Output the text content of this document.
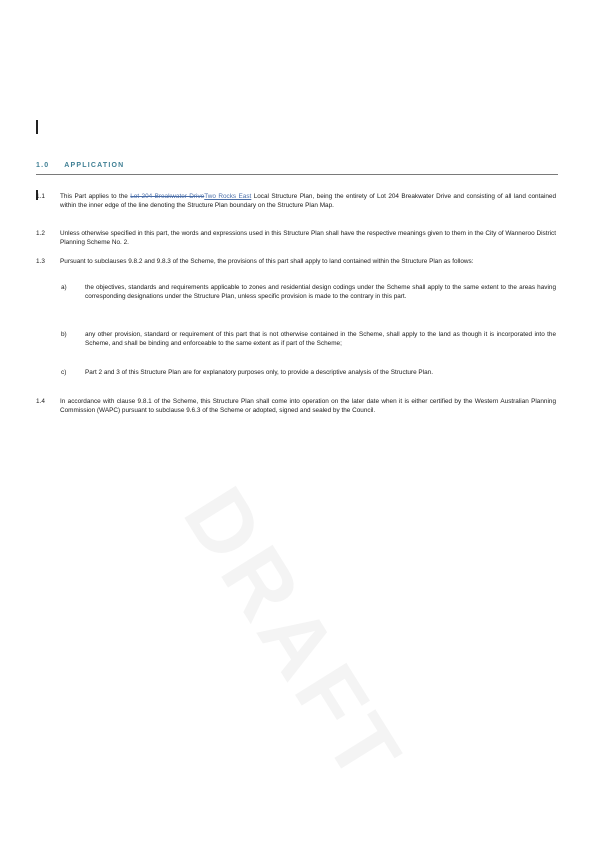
1.0 APPLICATION
1.1 This Part applies to the Lot 204 Breakwater DriveTwo Rocks East Local Structure Plan, being the entirety of Lot 204 Breakwater Drive and consisting of all land contained within the inner edge of the line denoting the Structure Plan boundary on the Structure Plan Map.
1.2 Unless otherwise specified in this part, the words and expressions used in this Structure Plan shall have the respective meanings given to them in the City of Wanneroo District Planning Scheme No. 2.
1.3 Pursuant to subclauses 9.8.2 and 9.8.3 of the Scheme, the provisions of this part shall apply to land contained within the Structure Plan as follows:
a)	the objectives, standards and requirements applicable to zones and residential design codings under the Scheme shall apply to the same extent to the areas having corresponding designations under the Structure Plan, unless specific provision is made to the contrary in this part.
b)	any other provision, standard or requirement of this part that is not otherwise contained in the Scheme, shall apply to the land as though it is incorporated into the Scheme, and shall be binding and enforceable to the same extent as if part of the Scheme;
c)	Part 2 and 3 of this Structure Plan are for explanatory purposes only, to provide a descriptive analysis of the Structure Plan.
1.4 In accordance with clause 9.8.1 of the Scheme, this Structure Plan shall come into operation on the later date when it is either certified by the Western Australian Planning Commission (WAPC) pursuant to subclause 9.6.3 of the Scheme or adopted, signed and sealed by the Council.
